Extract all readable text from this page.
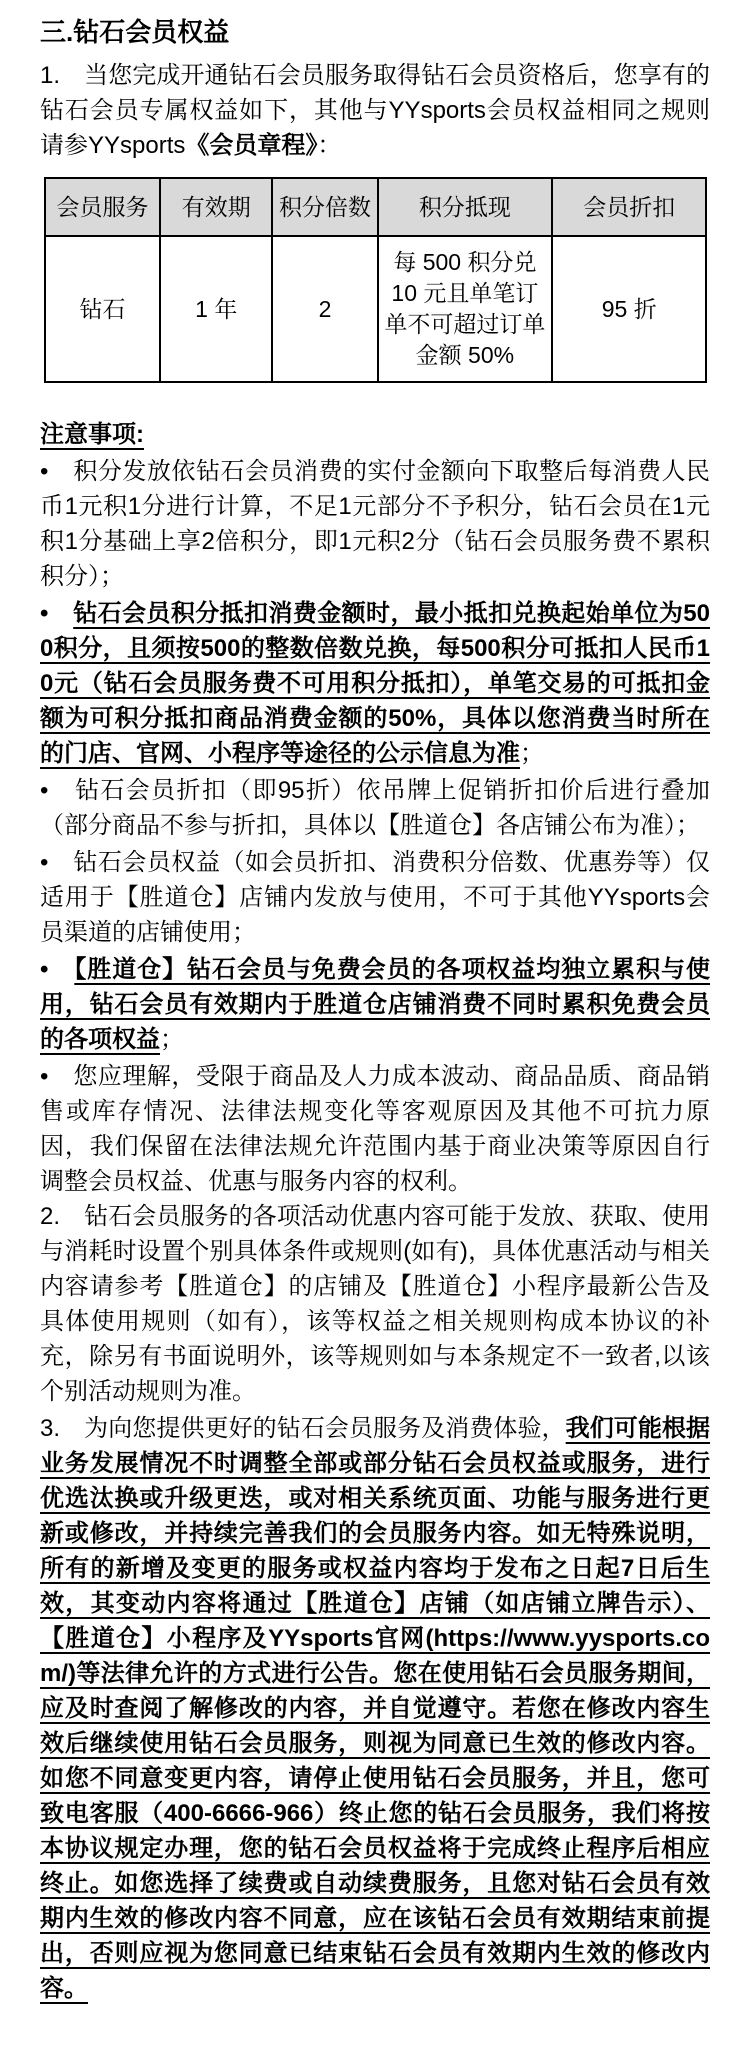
三.钻石会员权益

1.　当您完成开通钻石会员服务取得钻石会员资格后，您享有的钻石会员专属权益如下，其他与YYsports会员权益相同之规则请参YYsports《会员章程》：

会员服务	有效期	积分倍数	积分抵现	会员折扣
钻石	1 年	2	每 500 积分兑 10 元且单笔订单不可超过订单金额 50%	95 折

注意事项:

•　积分发放依钻石会员消费的实付金额向下取整后每消费人民币1元积1分进行计算，不足1元部分不予积分，钻石会员在1元积1分基础上享2倍积分，即1元积2分（钻石会员服务费不累积积分）；

•　钻石会员积分抵扣消费金额时，最小抵扣兑换起始单位为500积分，且须按500的整数倍数兑换，每500积分可抵扣人民币10元（钻石会员服务费不可用积分抵扣），单笔交易的可抵扣金额为可积分抵扣商品消费金额的50%，具体以您消费当时所在的门店、官网、小程序等途径的公示信息为准；

•　钻石会员折扣（即95折）依吊牌上促销折扣价后进行叠加（部分商品不参与折扣，具体以【胜道仓】各店铺公布为准）；

•　钻石会员权益（如会员折扣、消费积分倍数、优惠券等）仅适用于【胜道仓】店铺内发放与使用，不可于其他YYsports会员渠道的店铺使用；

•　【胜道仓】钻石会员与免费会员的各项权益均独立累积与使用，钻石会员有效期内于胜道仓店铺消费不同时累积免费会员的各项权益；

•　您应理解，受限于商品及人力成本波动、商品品质、商品销售或库存情况、法律法规变化等客观原因及其他不可抗力原因，我们保留在法律法规允许范围内基于商业决策等原因自行调整会员权益、优惠与服务内容的权利。

2.　钻石会员服务的各项活动优惠内容可能于发放、获取、使用与消耗时设置个别具体条件或规则(如有)，具体优惠活动与相关内容请参考【胜道仓】的店铺及【胜道仓】小程序最新公告及具体使用规则（如有），该等权益之相关规则构成本协议的补充，除另有书面说明外，该等规则如与本条规定不一致者,以该个别活动规则为准。

3.　为向您提供更好的钻石会员服务及消费体验，我们可能根据业务发展情况不时调整全部或部分钻石会员权益或服务，进行优选汰换或升级更迭，或对相关系统页面、功能与服务进行更新或修改，并持续完善我们的会员服务内容。如无特殊说明，所有的新增及变更的服务或权益内容均于发布之日起7日后生效，其变动内容将通过【胜道仓】店铺（如店铺立牌告示）、【胜道仓】小程序及YYsports官网(https://www.yysports.com/)等法律允许的方式进行公告。您在使用钻石会员服务期间，应及时查阅了解修改的内容，并自觉遵守。若您在修改内容生效后继续使用钻石会员服务，则视为同意已生效的修改内容。如您不同意变更内容，请停止使用钻石会员服务，并且，您可致电客服（400-6666-966）终止您的钻石会员服务，我们将按本协议规定办理，您的钻石会员权益将于完成终止程序后相应终止。如您选择了续费或自动续费服务，且您对钻石会员有效期内生效的修改内容不同意，应在该钻石会员有效期结束前提出，否则应视为您同意已结束钻石会员有效期内生效的修改内容。
